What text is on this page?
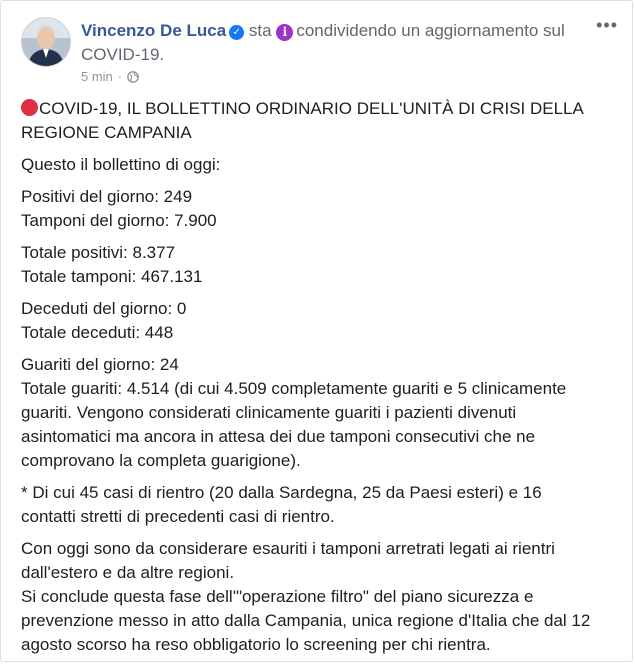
Vincenzo De Luca ✓ sta i condividendo un aggiornamento sul COVID-19.
5 min ·
•••

COVID-19, IL BOLLETTINO ORDINARIO DELL'UNITÀ DI CRISI DELLA
REGIONE CAMPANIA

Questo il bollettino di oggi:

Positivi del giorno: 249
Tamponi del giorno: 7.900

Totale positivi: 8.377
Totale tamponi: 467.131

Deceduti del giorno: 0
Totale deceduti: 448

Guariti del giorno: 24
Totale guariti: 4.514 (di cui 4.509 completamente guariti e 5 clinicamente
guariti. Vengono considerati clinicamente guariti i pazienti divenuti
asintomatici ma ancora in attesa dei due tamponi consecutivi che ne
comprovano la completa guarigione).

* Di cui 45 casi di rientro (20 dalla Sardegna, 25 da Paesi esteri) e 16
contatti stretti di precedenti casi di rientro.

Con oggi sono da considerare esauriti i tamponi arretrati legati ai rientri
dall'estero e da altre regioni.
Si conclude questa fase dell'"operazione filtro" del piano sicurezza e
prevenzione messo in atto dalla Campania, unica regione d'Italia che dal 12
agosto scorso ha reso obbligatorio lo screening per chi rientra.
